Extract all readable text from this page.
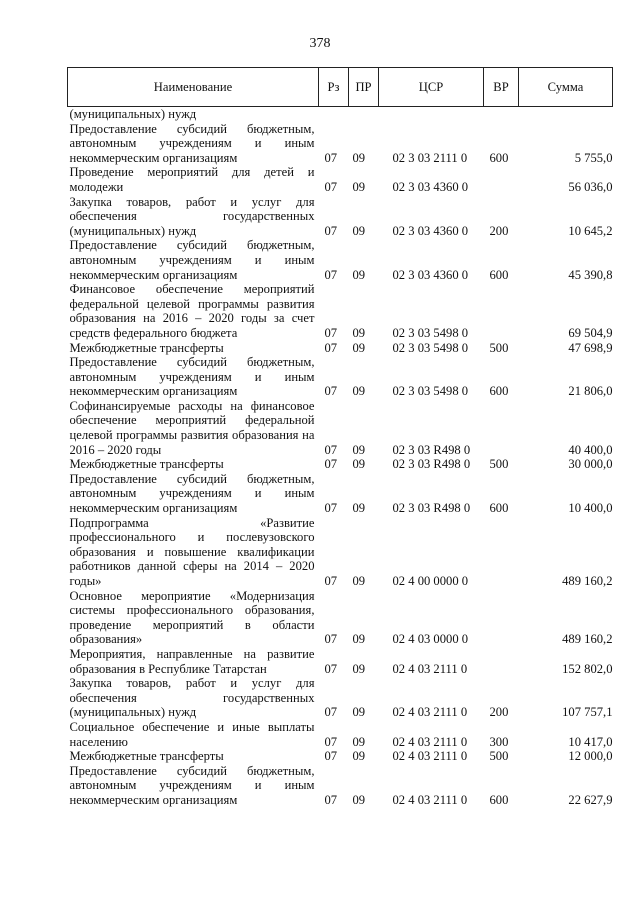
378
Наименование	Рз	ПР	ЦСР	ВР	Сумма
(муниципальных) нужд					
Предоставление субсидий бюджетным, автономным учреждениям и иным некоммерческим организациям	07	09	02 3 03 2111 0	600	5 755,0
Проведение мероприятий для детей и молодежи	07	09	02 3 03 4360 0		56 036,0
Закупка товаров, работ и услуг для обеспечения государственных (муниципальных) нужд	07	09	02 3 03 4360 0	200	10 645,2
Предоставление субсидий бюджетным, автономным учреждениям и иным некоммерческим организациям	07	09	02 3 03 4360 0	600	45 390,8
Финансовое обеспечение мероприятий федеральной целевой программы развития образования на 2016 – 2020 годы за счет средств федерального бюджета	07	09	02 3 03 5498 0		69 504,9
Межбюджетные трансферты	07	09	02 3 03 5498 0	500	47 698,9
Предоставление субсидий бюджетным, автономным учреждениям и иным некоммерческим организациям	07	09	02 3 03 5498 0	600	21 806,0
Софинансируемые расходы на финансовое обеспечение мероприятий федеральной целевой программы развития образования на 2016 – 2020 годы	07	09	02 3 03 R498 0		40 400,0
Межбюджетные трансферты	07	09	02 3 03 R498 0	500	30 000,0
Предоставление субсидий бюджетным, автономным учреждениям и иным некоммерческим организациям	07	09	02 3 03 R498 0	600	10 400,0
Подпрограмма «Развитие профессионального и послевузовского образования и повышение квалификации работников данной сферы на 2014 – 2020 годы»	07	09	02 4 00 0000 0		489 160,2
Основное мероприятие «Модернизация системы профессионального образования, проведение мероприятий в области образования»	07	09	02 4 03 0000 0		489 160,2
Мероприятия, направленные на развитие образования в Республике Татарстан	07	09	02 4 03 2111 0		152 802,0
Закупка товаров, работ и услуг для обеспечения государственных (муниципальных) нужд	07	09	02 4 03 2111 0	200	107 757,1
Социальное обеспечение и иные выплаты населению	07	09	02 4 03 2111 0	300	10 417,0
Межбюджетные трансферты	07	09	02 4 03 2111 0	500	12 000,0
Предоставление субсидий бюджетным, автономным учреждениям и иным некоммерческим организациям	07	09	02 4 03 2111 0	600	22 627,9
